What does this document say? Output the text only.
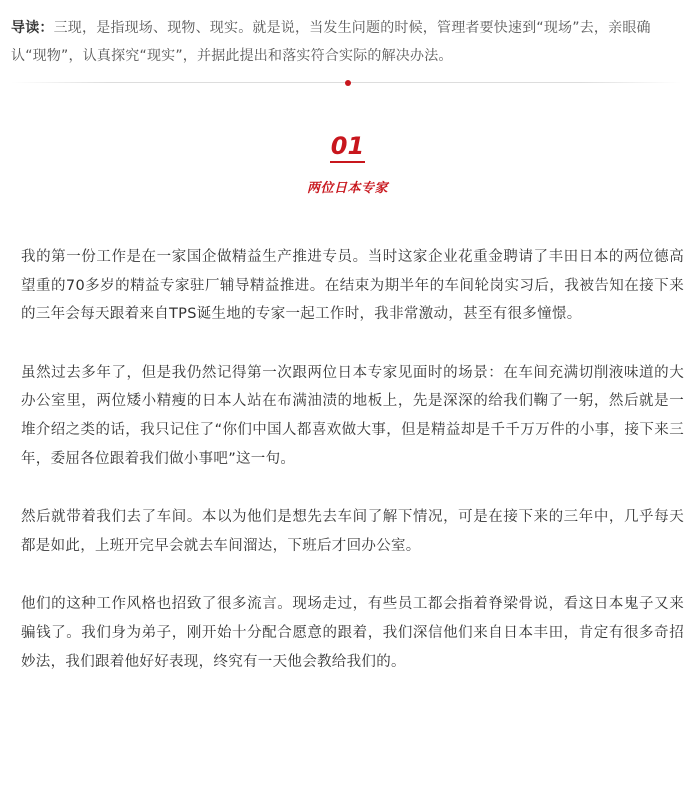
导读：三现，是指现场、现物、现实。就是说，当发生问题的时候，管理者要快速到“现场”去，亲眼确认“现物”，认真探究“现实”，并据此提出和落实符合实际的解决办法。
01
两位日本专家

我的第一份工作是在一家国企做精益生产推进专员。当时这家企业花重金聘请了丰田日本的两位德高望重的70多岁的精益专家驻厂辅导精益推进。在结束为期半年的车间轮岗实习后，我被告知在接下来的三年会每天跟着来自TPS诞生地的专家一起工作时，我非常激动，甚至有很多憧憬。

虽然过去多年了，但是我仍然记得第一次跟两位日本专家见面时的场景：在车间充满切削液味道的大办公室里，两位矮小精瘦的日本人站在布满油渍的地板上，先是深深的给我们鞠了一躬，然后就是一堆介绍之类的话，我只记住了“你们中国人都喜欢做大事，但是精益却是千千万万件的小事，接下来三年，委屈各位跟着我们做小事吧”这一句。

然后就带着我们去了车间。本以为他们是想先去车间了解下情况，可是在接下来的三年中，几乎每天都是如此，上班开完早会就去车间溜达，下班后才回办公室。

他们的这种工作风格也招致了很多流言。现场走过，有些员工都会指着脊梁骨说，看这日本鬼子又来骗钱了。我们身为弟子，刚开始十分配合愿意的跟着，我们深信他们来自日本丰田，肯定有很多奇招妙法，我们跟着他好好表现，终究有一天他会教给我们的。
